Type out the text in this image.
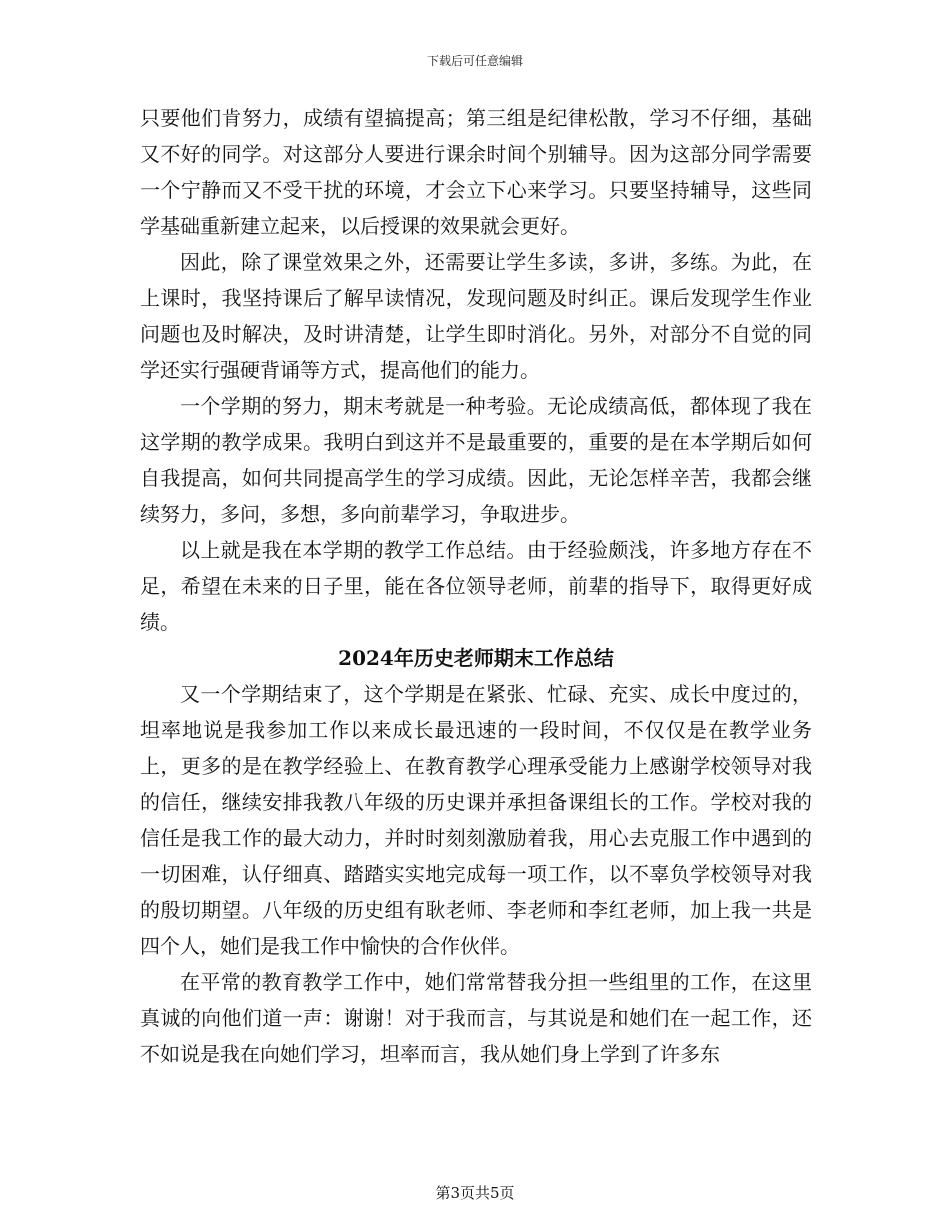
下载后可任意编辑

只要他们肯努力，成绩有望搞提高；第三组是纪律松散，学习不仔细，基础又不好的同学。对这部分人要进行课余时间个别辅导。因为这部分同学需要一个宁静而又不受干扰的环境，才会立下心来学习。只要坚持辅导，这些同学基础重新建立起来，以后授课的效果就会更好。

因此，除了课堂效果之外，还需要让学生多读，多讲，多练。为此，在上课时，我坚持课后了解早读情况，发现问题及时纠正。课后发现学生作业问题也及时解决，及时讲清楚，让学生即时消化。另外，对部分不自觉的同学还实行强硬背诵等方式，提高他们的能力。

一个学期的努力，期末考就是一种考验。无论成绩高低，都体现了我在这学期的教学成果。我明白到这并不是最重要的，重要的是在本学期后如何自我提高，如何共同提高学生的学习成绩。因此，无论怎样辛苦，我都会继续努力，多问，多想，多向前辈学习，争取进步。

以上就是我在本学期的教学工作总结。由于经验颇浅，许多地方存在不足，希望在未来的日子里，能在各位领导老师，前辈的指导下，取得更好成绩。

2024年历史老师期末工作总结

又一个学期结束了，这个学期是在紧张、忙碌、充实、成长中度过的，坦率地说是我参加工作以来成长最迅速的一段时间，不仅仅是在教学业务上，更多的是在教学经验上、在教育教学心理承受能力上感谢学校领导对我的信任，继续安排我教八年级的历史课并承担备课组长的工作。学校对我的信任是我工作的最大动力，并时时刻刻激励着我，用心去克服工作中遇到的一切困难，认仔细真、踏踏实实地完成每一项工作，以不辜负学校领导对我的殷切期望。八年级的历史组有耿老师、李老师和李红老师，加上我一共是四个人，她们是我工作中愉快的合作伙伴。

在平常的教育教学工作中，她们常常替我分担一些组里的工作，在这里真诚的向他们道一声：谢谢！对于我而言，与其说是和她们在一起工作，还不如说是我在向她们学习，坦率而言，我从她们身上学到了许多东

第3页共5页
